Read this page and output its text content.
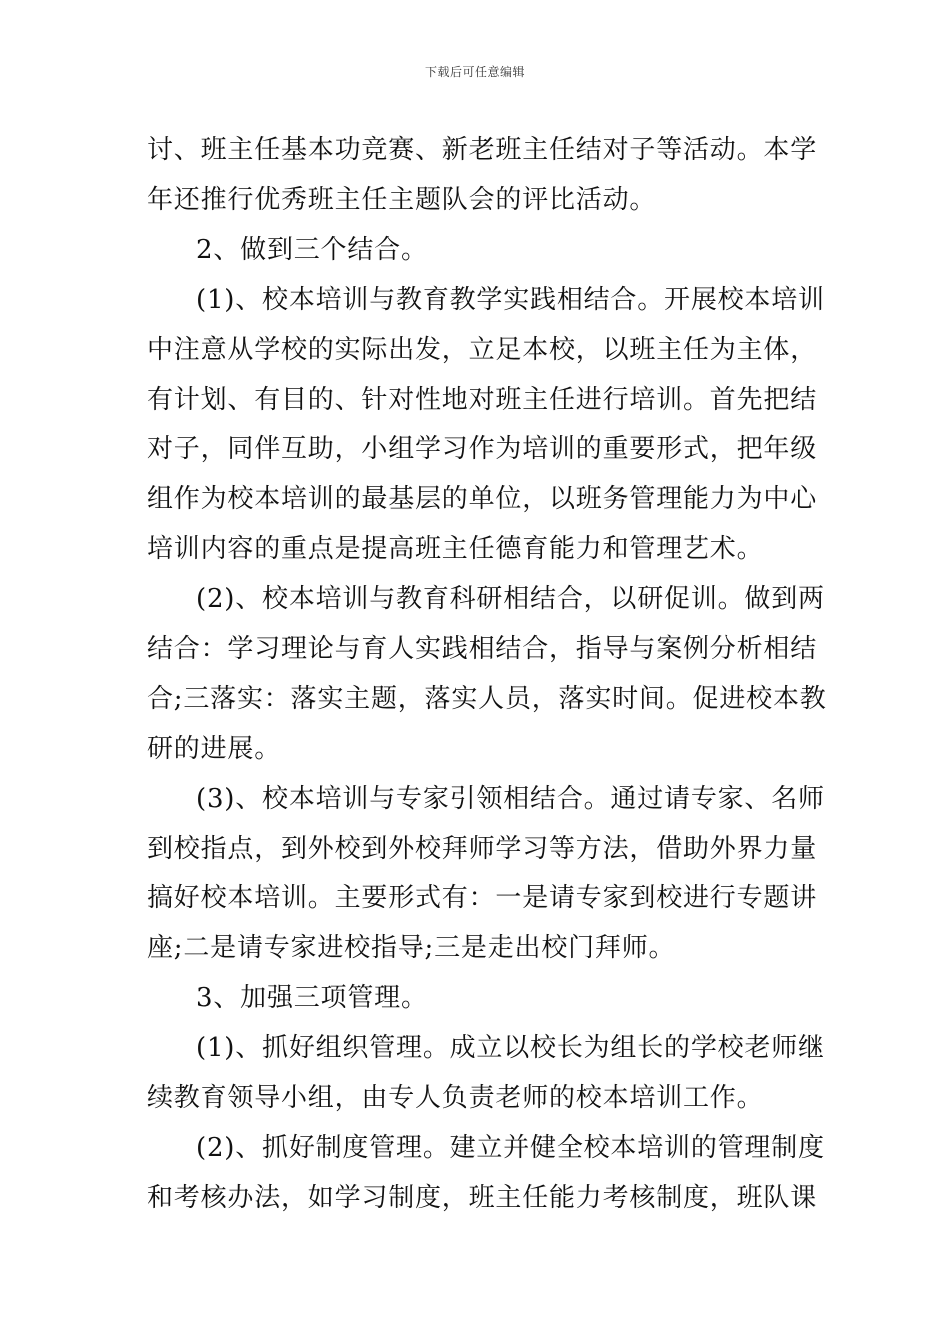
下载后可任意编辑
讨、班主任基本功竞赛、新老班主任结对子等活动。本学
年还推行优秀班主任主题队会的评比活动。
2、做到三个结合。
(1)、校本培训与教育教学实践相结合。开展校本培训
中注意从学校的实际出发，立足本校，以班主任为主体，
有计划、有目的、针对性地对班主任进行培训。首先把结
对子，同伴互助，小组学习作为培训的重要形式，把年级
组作为校本培训的最基层的单位，以班务管理能力为中心
培训内容的重点是提高班主任德育能力和管理艺术。
(2)、校本培训与教育科研相结合，以研促训。做到两
结合：学习理论与育人实践相结合，指导与案例分析相结
合;三落实：落实主题，落实人员，落实时间。促进校本教
研的进展。
(3)、校本培训与专家引领相结合。通过请专家、名师
到校指点，到外校到外校拜师学习等方法，借助外界力量
搞好校本培训。主要形式有：一是请专家到校进行专题讲
座;二是请专家进校指导;三是走出校门拜师。
3、加强三项管理。
(1)、抓好组织管理。成立以校长为组长的学校老师继
续教育领导小组，由专人负责老师的校本培训工作。
(2)、抓好制度管理。建立并健全校本培训的管理制度
和考核办法，如学习制度，班主任能力考核制度，班队课
